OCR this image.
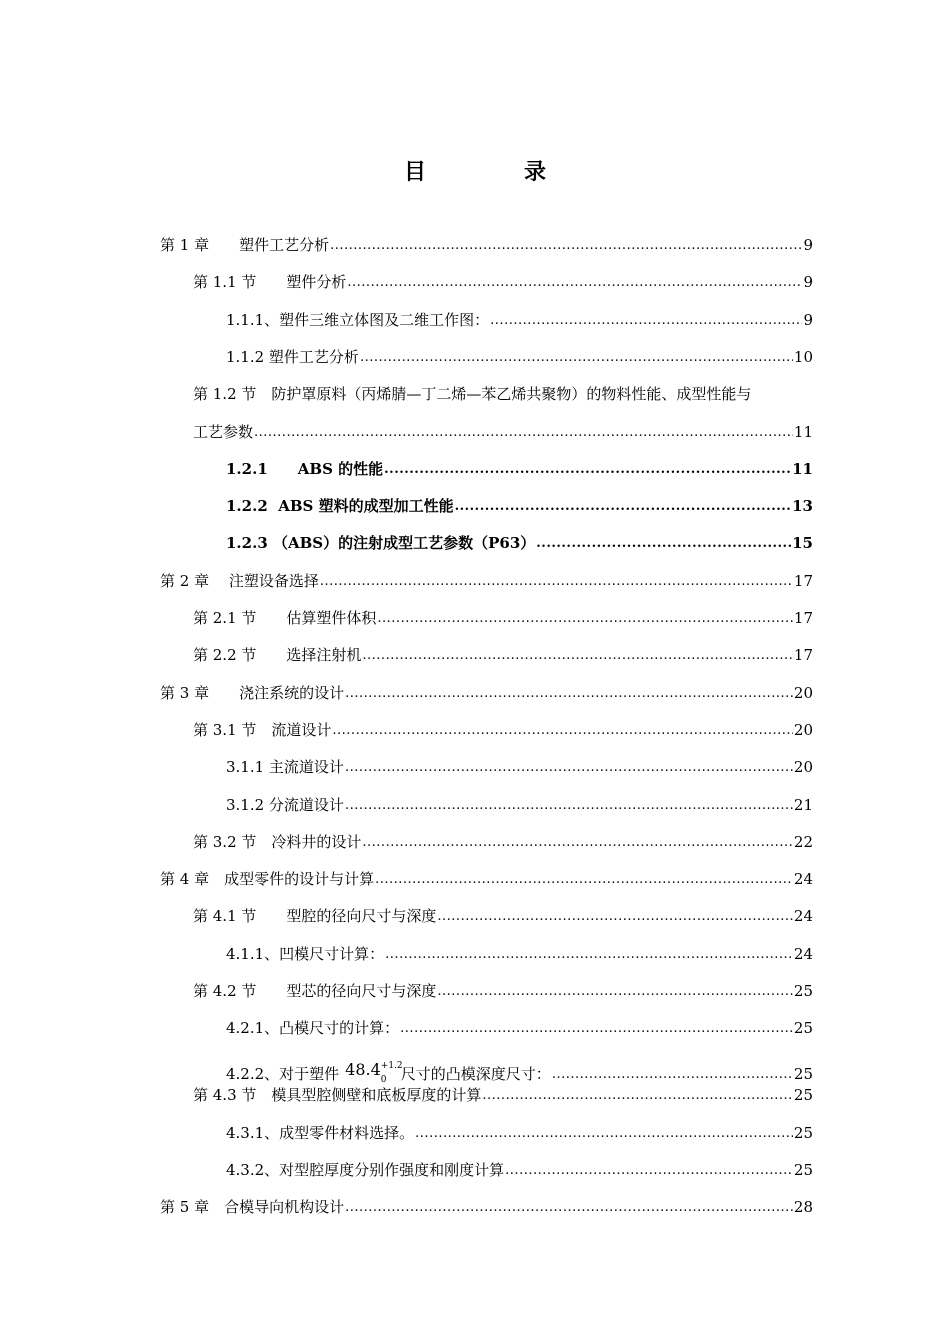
目　录
第 1 章　　塑件工艺分析 .....	9
第 1.1 节　　塑件分析 .....	9
1.1.1、塑件三维立体图及二维工作图： .....	9
1.1.2 塑件工艺分析 .....	10
第 1.2 节　防护罩原料（丙烯腈—丁二烯—苯乙烯共聚物）的物料性能、成型性能与
工艺参数 .....	11
1.2.1　　ABS 的性能 .....	11
1.2.2  ABS 塑料的成型加工性能 .....	13
1.2.3 （ABS）的注射成型工艺参数（P63） .....	15
第 2 章　 注塑设备选择 .....	17
第 2.1 节　　估算塑件体积 .....	17
第 2.2 节　　选择注射机 .....	17
第 3 章　　浇注系统的设计 .....	20
第 3.1 节　流道设计 .....	20
3.1.1 主流道设计 .....	20
3.1.2 分流道设计 .....	21
第 3.2 节　冷料井的设计 .....	22
第 4 章　成型零件的设计与计算 .....	24
第 4.1 节　　型腔的径向尺寸与深度 .....	24
4.1.1、凹模尺寸计算： .....	24
第 4.2 节　　型芯的径向尺寸与深度 .....	25
4.2.1、凸模尺寸的计算： .....	25
4.2.2、对于塑件 48.4 +1.2
0 尺寸的凸模深度尺寸： .....	25
第 4.3 节　模具型腔侧壁和底板厚度的计算 .....	25
4.3.1、成型零件材料选择。 .....	25
4.3.2、对型腔厚度分别作强度和刚度计算 .....	25
第 5 章　合模导向机构设计 .....	28
